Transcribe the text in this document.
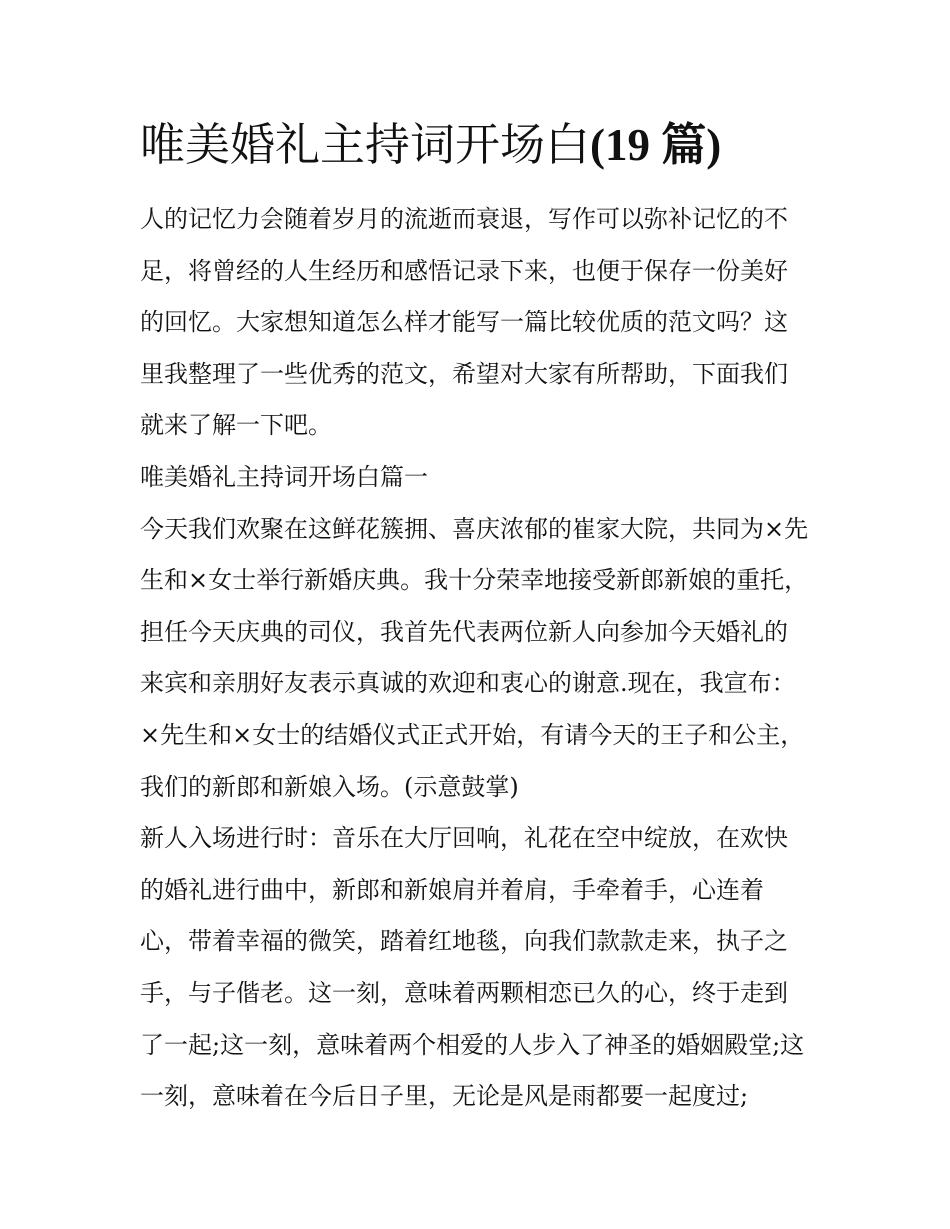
唯美婚礼主持词开场白(19 篇)

人的记忆力会随着岁月的流逝而衰退，写作可以弥补记忆的不足，将曾经的人生经历和感悟记录下来，也便于保存一份美好的回忆。大家想知道怎么样才能写一篇比较优质的范文吗？这里我整理了一些优秀的范文，希望对大家有所帮助，下面我们就来了解一下吧。

唯美婚礼主持词开场白篇一

今天我们欢聚在这鲜花簇拥、喜庆浓郁的崔家大院，共同为×先生和×女士举行新婚庆典。我十分荣幸地接受新郎新娘的重托，担任今天庆典的司仪，我首先代表两位新人向参加今天婚礼的来宾和亲朋好友表示真诚的欢迎和衷心的谢意.现在，我宣布：×先生和×女士的结婚仪式正式开始，有请今天的王子和公主，我们的新郎和新娘入场。(示意鼓掌)

新人入场进行时：音乐在大厅回响，礼花在空中绽放，在欢快的婚礼进行曲中，新郎和新娘肩并着肩，手牵着手，心连着心，带着幸福的微笑，踏着红地毯，向我们款款走来，执子之手，与子偕老。这一刻，意味着两颗相恋已久的心，终于走到了一起;这一刻，意味着两个相爱的人步入了神圣的婚姻殿堂;这一刻，意味着在今后日子里，无论是风是雨都要一起度过;
